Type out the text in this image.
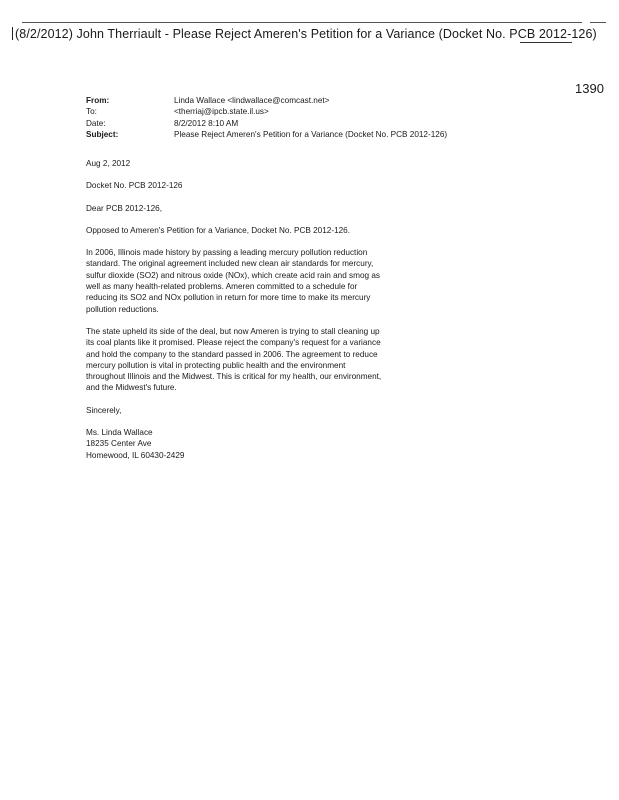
(8/2/2012) John Therriault - Please Reject Ameren's Petition for a Variance (Docket No. PCB 2012-126)
1390
From:	Linda Wallace <lindwallace@comcast.net>
To:	<therriaj@ipcb.state.il.us>
Date:	8/2/2012 8:10 AM
Subject:	Please Reject Ameren's Petition for a Variance (Docket No. PCB 2012-126)

Aug 2, 2012

Docket No. PCB 2012-126

Dear PCB 2012-126,

Opposed to Ameren's Petition for a Variance, Docket No. PCB 2012-126.

In 2006, Illinois made history by passing a leading mercury pollution reduction standard. The original agreement included new clean air standards for mercury, sulfur dioxide (SO2) and nitrous oxide (NOx), which create acid rain and smog as well as many health-related problems. Ameren committed to a schedule for reducing its SO2 and NOx pollution in return for more time to make its mercury pollution reductions.

The state upheld its side of the deal, but now Ameren is trying to stall cleaning up its coal plants like it promised. Please reject the company's request for a variance and hold the company to the standard passed in 2006. The agreement to reduce mercury pollution is vital in protecting public health and the environment throughout Illinois and the Midwest. This is critical for my health, our environment, and the Midwest's future.

Sincerely,

Ms. Linda Wallace
18235 Center Ave
Homewood, IL 60430-2429
